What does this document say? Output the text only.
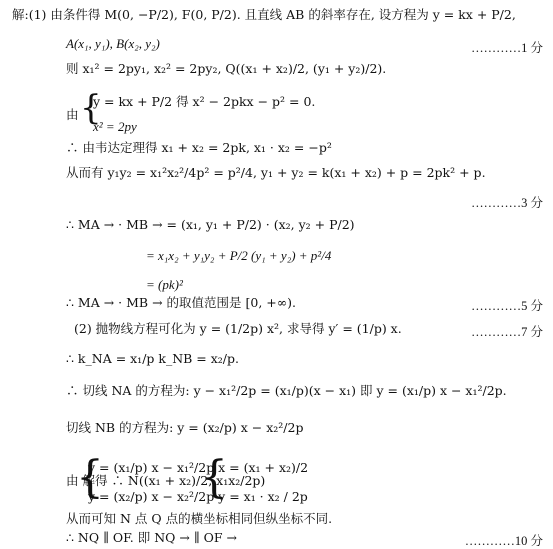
{
{ {
解:(1) 由条件得 M(0, −P/2), F(0, P/2). 且直线 AB 的斜率存在, 设方程为 y = kx + P/2,
A(x₁, y₁), B(x₂, y₂)
则 x₁² = 2py₁, x₂² = 2py₂, Q((x₁ + x₂)/2, (y₁ + y₂)/2).
y = kx + P/2 得 x² − 2pkx − p² = 0.
由
x² = 2py
∴ 由韦达定理得 x₁ + x₂ = 2pk, x₁ · x₂ = −p²
从而有 y₁y₂ = x₁²x₂²/4p² = p²/4, y₁ + y₂ = k(x₁ + x₂) + p = 2pk² + p.
∴ MA → · MB → = (x₁, y₁ + P/2) · (x₂, y₂ + P/2)
= x₁x₂ + y₁y₂ + P/2 (y₁ + y₂) + p²/4
= (pk)²
∴ MA → · MB → 的取值范围是 [0, +∞).
(2) 抛物线方程可化为 y = (1/2p) x², 求导得 y′ = (1/p) x.
∴ k_NA = x₁/p k_NB = x₂/p.
∴ 切线 NA 的方程为: y − x₁²/2p = (x₁/p)(x − x₁) 即 y = (x₁/p) x − x₁²/2p.
切线 NB 的方程为: y = (x₂/p) x − x₂²/2p
y = (x₁/p) x − x₁²/2p x = (x₁ + x₂)/2
由 解得 ∴ N((x₁ + x₂)/2, x₁x₂/2p)
y = (x₂/p) x − x₂²/2p y = x₁ · x₂ / 2p
从而可知 N 点 Q 点的横坐标相同但纵坐标不同.
∴ NQ ∥ OF. 即 NQ → ∥ OF →
…………1 分
…………3 分
…………5 分
…………7 分
…………10 分
